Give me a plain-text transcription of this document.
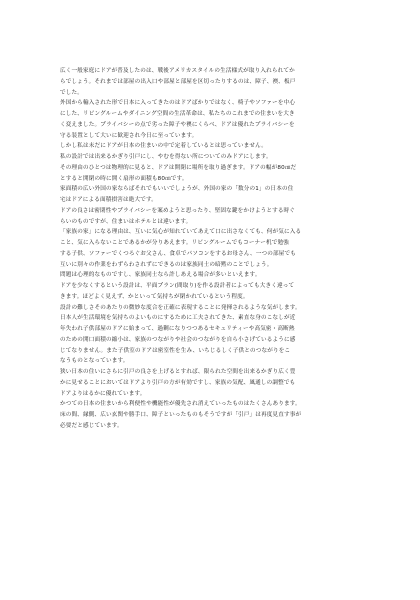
広く一般家庭にドアが普及したのは、戦後アメリカスタイルの生活様式が取り入れられてか
らでしょう。それまでは部屋の出入口や部屋と部屋を区切ったりするのは、障子、襖、板戸
でした。
外国から輸入された形で日本に入ってきたのはドアばかりではなく、椅子やソファーを中心
にした、リビングルームやダイニング空間の生活革命は、私たちのこれまでの住まいを大き
く変えました。プライバシーの点で劣った障子や襖にくらべ、ドアは優れたプライバシーを
守る装置として大いに歓迎され今日に至っています。
しかし私は未だにドアが日本の住まいの中で定着しているとは思っていません。
私の設計では出来るかぎり引戸にし、やむを得ない所についてのみドアにします。
その理由のひとつは物理的に見ると、ドアは開閉に場所を取り過ぎます。ドアの幅が80㎝だ
とすると開閉の時に開く扇形の面積も80㎝です。
家面積の広い外国の家ならばそれでもいいでしょうが、外国の家の「数分の1」の日本の住
宅はドアによる面積損害は絶大です。
ドアの良さは密閉性やプライバシーを案めようと思ったり、堅固な鍵をかけようとする時ぐ
らいのものですが、住まいはホテルとは違います。
「家族の家」になる理由は、互いに気心が知れていてあえて口に出さなくても、何が気に入る
こと、気に入らないことであるかが分りあえます。リビングルームでもコーナー机で勉強
する子供、ソファーでくつろぐお父さん、食卓でパソコンをするお母さん、一つの部屋でも
互いに別々の作業をわずらわされずにできるのは家族同士の暗黙のことでしょう。
問題は心理的なものですし、家族同士なら許しあえる場合が多いといえます。
ドアを少なくするという設計は、平面プラン(間取り)を作る設計者によっても大きく違って
きます。ほどよく見えず、かといって気持ちが閉かれているという程度。
設計の難しさそのあたりの微妙な度合を正確に表現することに発揮されるような気がします。
日本人が生活環境を気持ちのよいものにするために工夫されてきた、素直な身のこなしが近
年失われ子供部屋のドアに始まって、過剰になりつつあるセキュリティーや高気密・高断熱
のための開口面積の縮小は、家族のつながりや社会のつながりを自ら小さげているように感
じてなりません。また子供室のドアは密室性を生み、いちじるしく子供とのつながりをこ
なうものとなっています。
狭い日本の住いにさらに引戸の良さを上げるとすれば、限られた空間を出来るかぎり広く豊
かに見せることにおいてはドアより引戸の方が有効ですし、家族の気配、風通しの調整でも
ドアよりはるかに優れています。
かつての日本の住まいから利便性や機能性が優先され消えていったものはたくさんあります。
床の間、縁側、広い玄関や勝手口、障子といったものもそうですが「引戸」は再度見直す事が
必要だと感じています。
